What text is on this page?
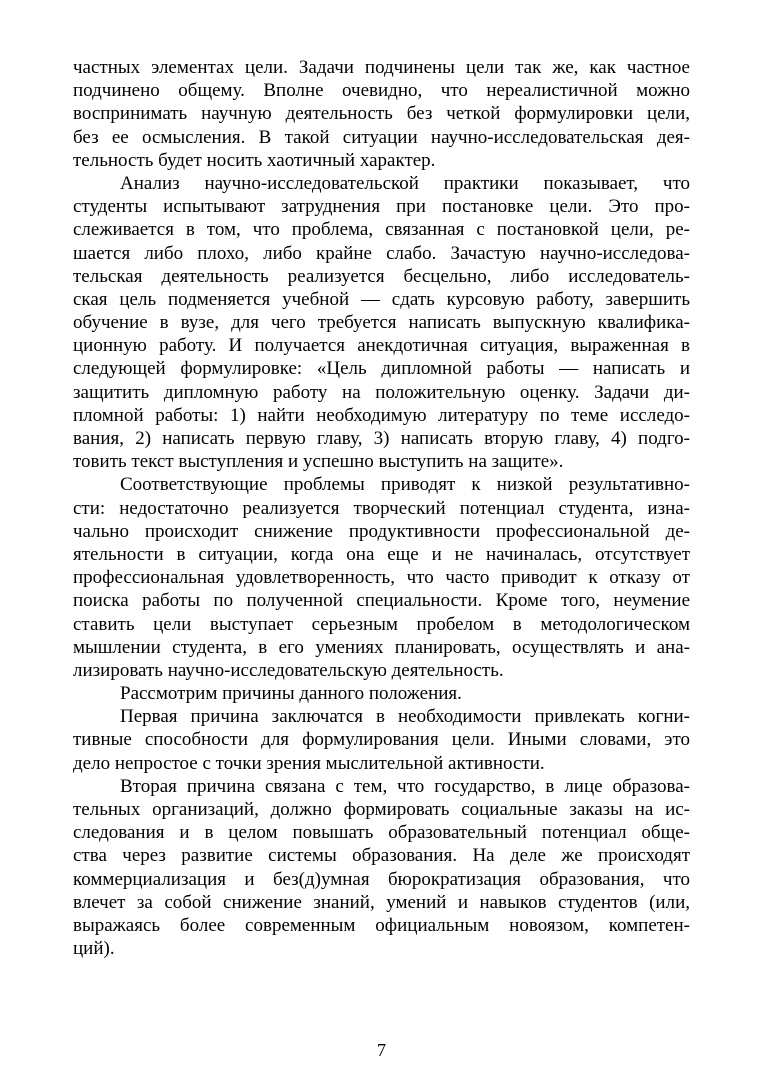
частных элементах цели. Задачи подчинены цели так же, как частное
подчинено общему. Вполне очевидно, что нереалистичной можно
воспринимать научную деятельность без четкой формулировки цели,
без ее осмысления. В такой ситуации научно-исследовательская дея-
тельность будет носить хаотичный характер.
Анализ научно-исследовательской практики показывает, что
студенты испытывают затруднения при постановке цели. Это про-
слеживается в том, что проблема, связанная с постановкой цели, ре-
шается либо плохо, либо крайне слабо. Зачастую научно-исследова-
тельская деятельность реализуется бесцельно, либо исследователь-
ская цель подменяется учебной — сдать курсовую работу, завершить
обучение в вузе, для чего требуется написать выпускную квалифика-
ционную работу. И получается анекдотичная ситуация, выраженная в
следующей формулировке: «Цель дипломной работы — написать и
защитить дипломную работу на положительную оценку. Задачи ди-
пломной работы: 1) найти необходимую литературу по теме исследо-
вания, 2) написать первую главу, 3) написать вторую главу, 4) подго-
товить текст выступления и успешно выступить на защите».
Соответствующие проблемы приводят к низкой результативно-
сти: недостаточно реализуется творческий потенциал студента, изна-
чально происходит снижение продуктивности профессиональной де-
ятельности в ситуации, когда она еще и не начиналась, отсутствует
профессиональная удовлетворенность, что часто приводит к отказу от
поиска работы по полученной специальности. Кроме того, неумение
ставить цели выступает серьезным пробелом в методологическом
мышлении студента, в его умениях планировать, осуществлять и ана-
лизировать научно-исследовательскую деятельность.
Рассмотрим причины данного положения.
Первая причина заключатся в необходимости привлекать когни-
тивные способности для формулирования цели. Иными словами, это
дело непростое с точки зрения мыслительной активности.
Вторая причина связана с тем, что государство, в лице образова-
тельных организаций, должно формировать социальные заказы на ис-
следования и в целом повышать образовательный потенциал обще-
ства через развитие системы образования. На деле же происходят
коммерциализация и без(д)умная бюрократизация образования, что
влечет за собой снижение знаний, умений и навыков студентов (или,
выражаясь более современным официальным новоязом, компетен-
ций).
7
